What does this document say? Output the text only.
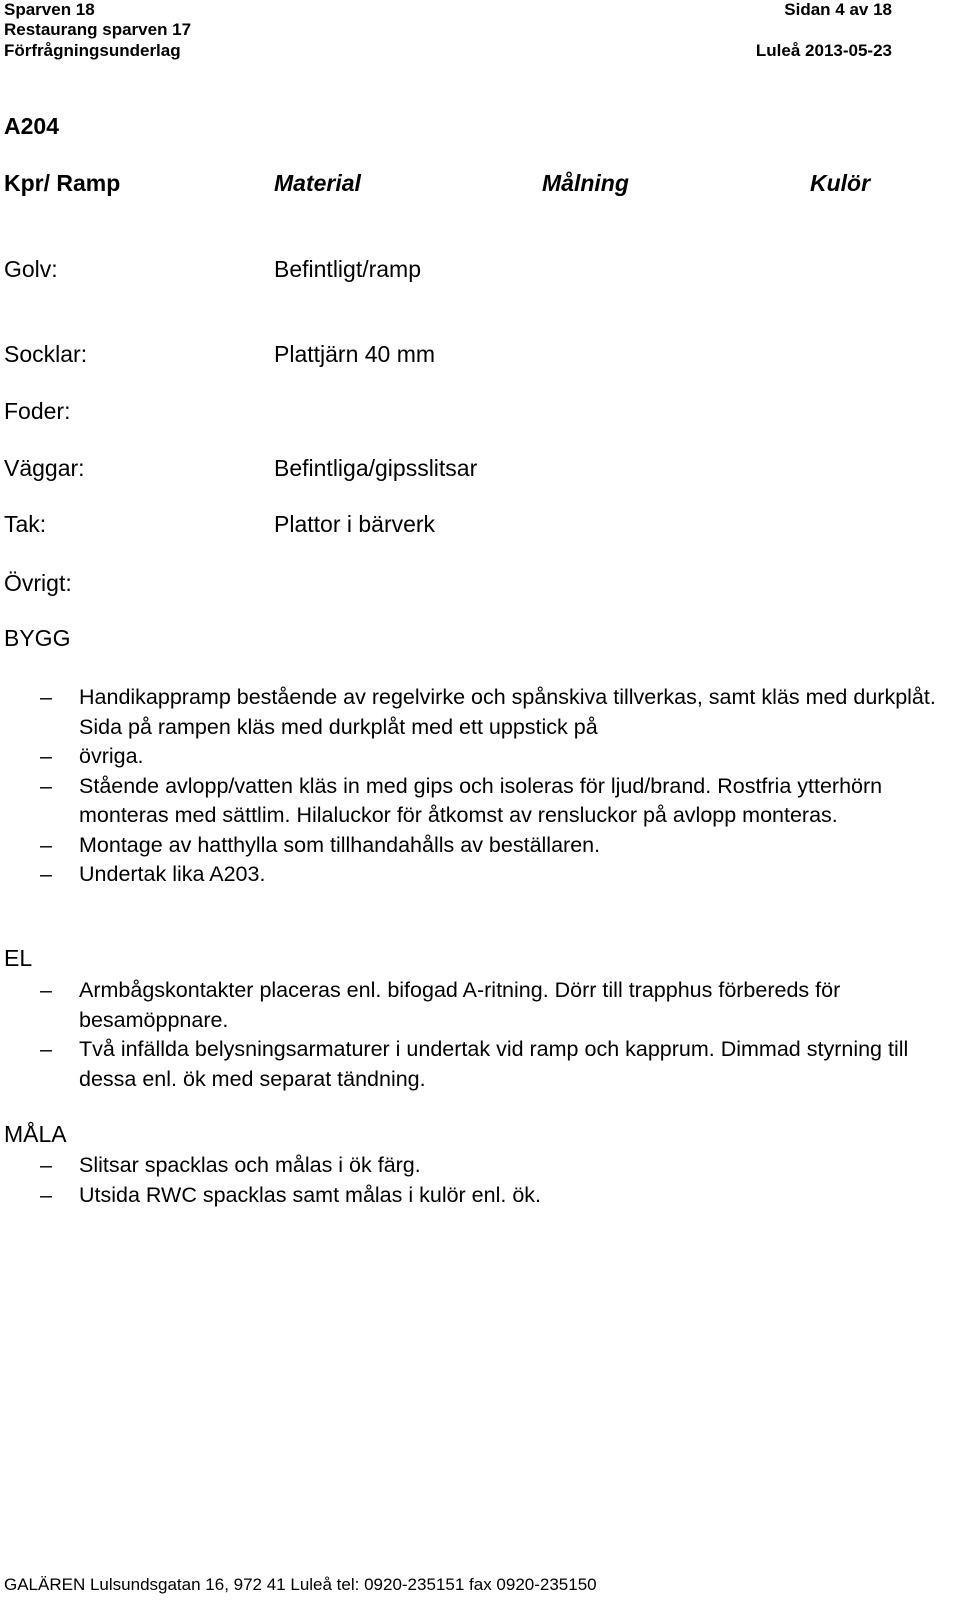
Sparven 18
Restaurang sparven 17
Förfrågningsunderlag
Sidan 4 av 18
Luleå 2013-05-23
A204
Kpr/ Ramp	Material	Målning	Kulör
Golv:	Befintligt/ramp
Socklar:	Plattjärn 40 mm
Foder:
Väggar:	Befintliga/gipsslitsar
Tak:	Plattor i bärverk
Övrigt:
BYGG
– Handikappramp bestående av regelvirke och spånskiva tillverkas, samt kläs med durkplåt. Sida på rampen kläs med durkplåt med ett uppstick på
– övriga.
– Stående avlopp/vatten kläs in med gips och isoleras för ljud/brand. Rostfria ytterhörn monteras med sättlim. Hilaluckor för åtkomst av rensluckor på avlopp monteras.
– Montage av hatthylla som tillhandahålls av beställaren.
– Undertak lika A203.
EL
– Armbågskontakter placeras enl. bifogad A-ritning. Dörr till trapphus förbereds för besamöppnare.
– Två infällda belysningsarmaturer i undertak vid ramp och kapprum. Dimmad styrning till dessa enl. ök med separat tändning.
MÅLA
– Slitsar spacklas och målas i ök färg.
– Utsida RWC spacklas samt målas i kulör enl. ök.
GALÄREN Lulsundsgatan 16, 972 41 Luleå tel: 0920-235151 fax 0920-235150
